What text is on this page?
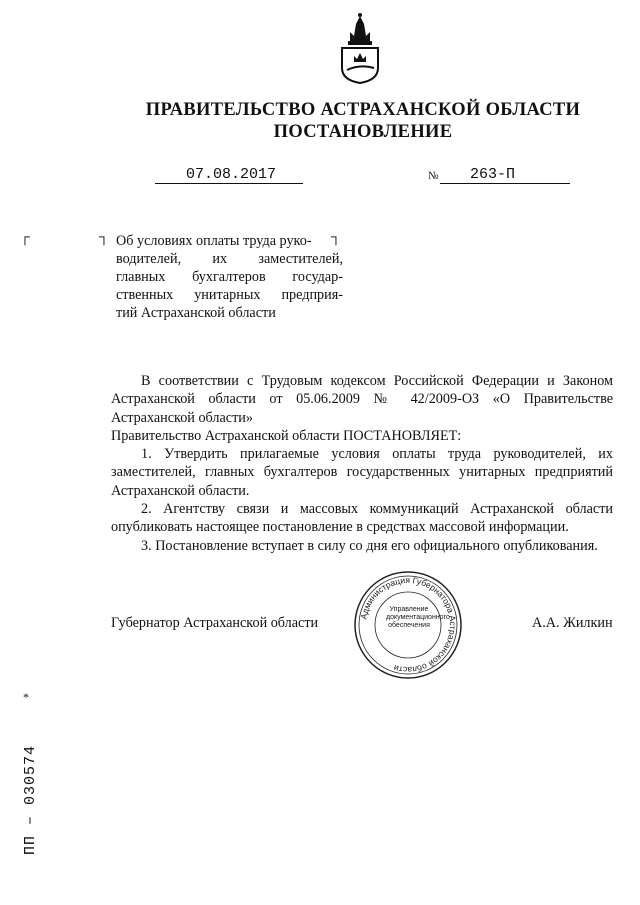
ПРАВИТЕЛЬСТВО АСТРАХАНСКОЙ ОБЛАСТИ
ПОСТАНОВЛЕНИЕ
07.08.2017	№ 263-П
┌	┐	┐
Об условиях оплаты труда руко-
водителей, их заместителей,
главных бухгалтеров государ-
ственных унитарных предприя-
тий Астраханской области

В соответствии с Трудовым кодексом Российской Федерации и Законом Астраханской области от 05.06.2009 № 42/2009-ОЗ «О Правительстве Астраханской области»

Правительство Астраханской области ПОСТАНОВЛЯЕТ:

1. Утвердить прилагаемые условия оплаты труда руководителей, их заместителей, главных бухгалтеров государственных унитарных предприятий Астраханской области.

2. Агентству связи и массовых коммуникаций Астраханской области опубликовать настоящее постановление в средствах массовой информации.

3. Постановление вступает в силу со дня его официального опубликования.

Губернатор Астраханской области	А.А. Жилкин
Администрация Губернатора Астраханской области
Управление
документационного
обеспечения
*
ПП – 030574
